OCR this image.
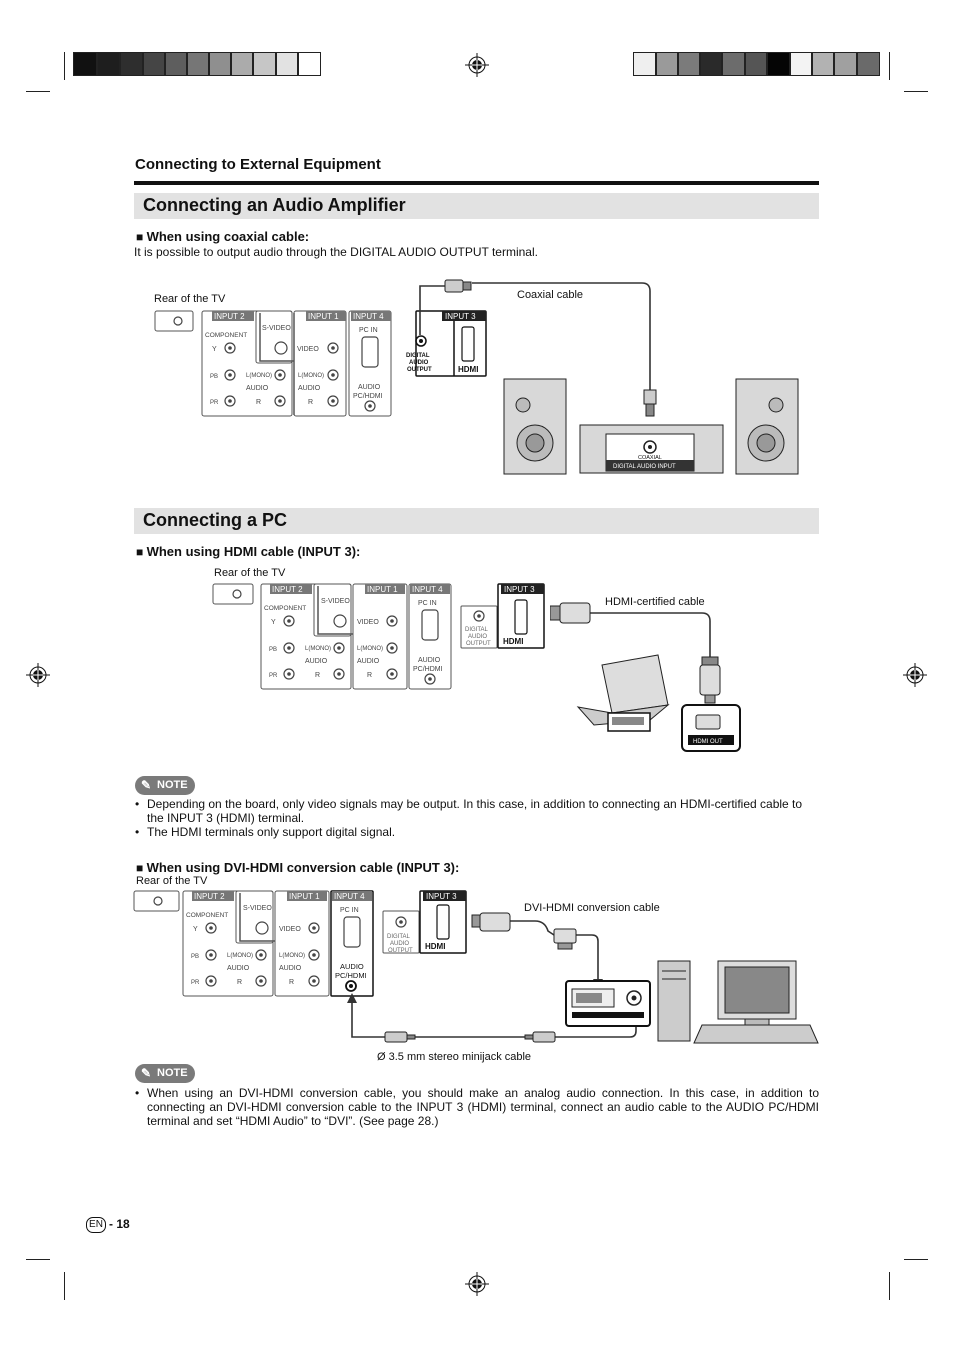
Connecting to External Equipment
Connecting an Audio Amplifier
■ When using coaxial cable:
It is possible to output audio through the DIGITAL AUDIO OUTPUT terminal.
Rear of the TV	Coaxial cable
INPUT 2	INPUT 1 INPUT 4	INPUT 3
COMPONENT
S-VIDEO
VIDEO
PC IN
Y
PB
PR
L(MONO)
AUDIO
R
L(MONO)
AUDIO
R
AUDIO
PC/HDMI
DIGITAL
AUDIO
OUTPUT	HDMI
COAXIAL
DIGITAL AUDIO INPUT
Connecting a PC
■ When using HDMI cable (INPUT 3):
Rear of the TV
HDMI-certified cable
INPUT 2	INPUT 1 INPUT 4	INPUT 3
COMPONENT
S-VIDEO
VIDEO
PC IN
Y
PB
PR
L(MONO)
AUDIO
R
L(MONO)
AUDIO
R
AUDIO
PC/HDMI
DIGITAL
AUDIO
OUTPUT HDMI
HDMI OUT
✎ NOTE
• Depending on the board, only video signals may be output. In this case, in addition to connecting an HDMI-certified cable to the INPUT 3 (HDMI) terminal.
• The HDMI terminals only support digital signal.
■ When using DVI-HDMI conversion cable (INPUT 3):
Rear of the TV
DVI-HDMI conversion cable
Ø 3.5 mm stereo minijack cable
INPUT 2	INPUT 1 INPUT 4	INPUT 3
COMPONENT
S-VIDEO
VIDEO
PC IN
Y
PB
PR
L(MONO)
AUDIO
R
L(MONO)
AUDIO
R
AUDIO
PC/HDMI
DIGITAL
AUDIO
OUTPUT HDMI
✎ NOTE
• When using an DVI-HDMI conversion cable, you should make an analog audio connection. In this case, in addition to connecting an DVI-HDMI conversion cable to the INPUT 3 (HDMI) terminal, connect an audio cable to the AUDIO PC/HDMI terminal and set “HDMI Audio” to “DVI”. (See page 28.)
EN - 18
